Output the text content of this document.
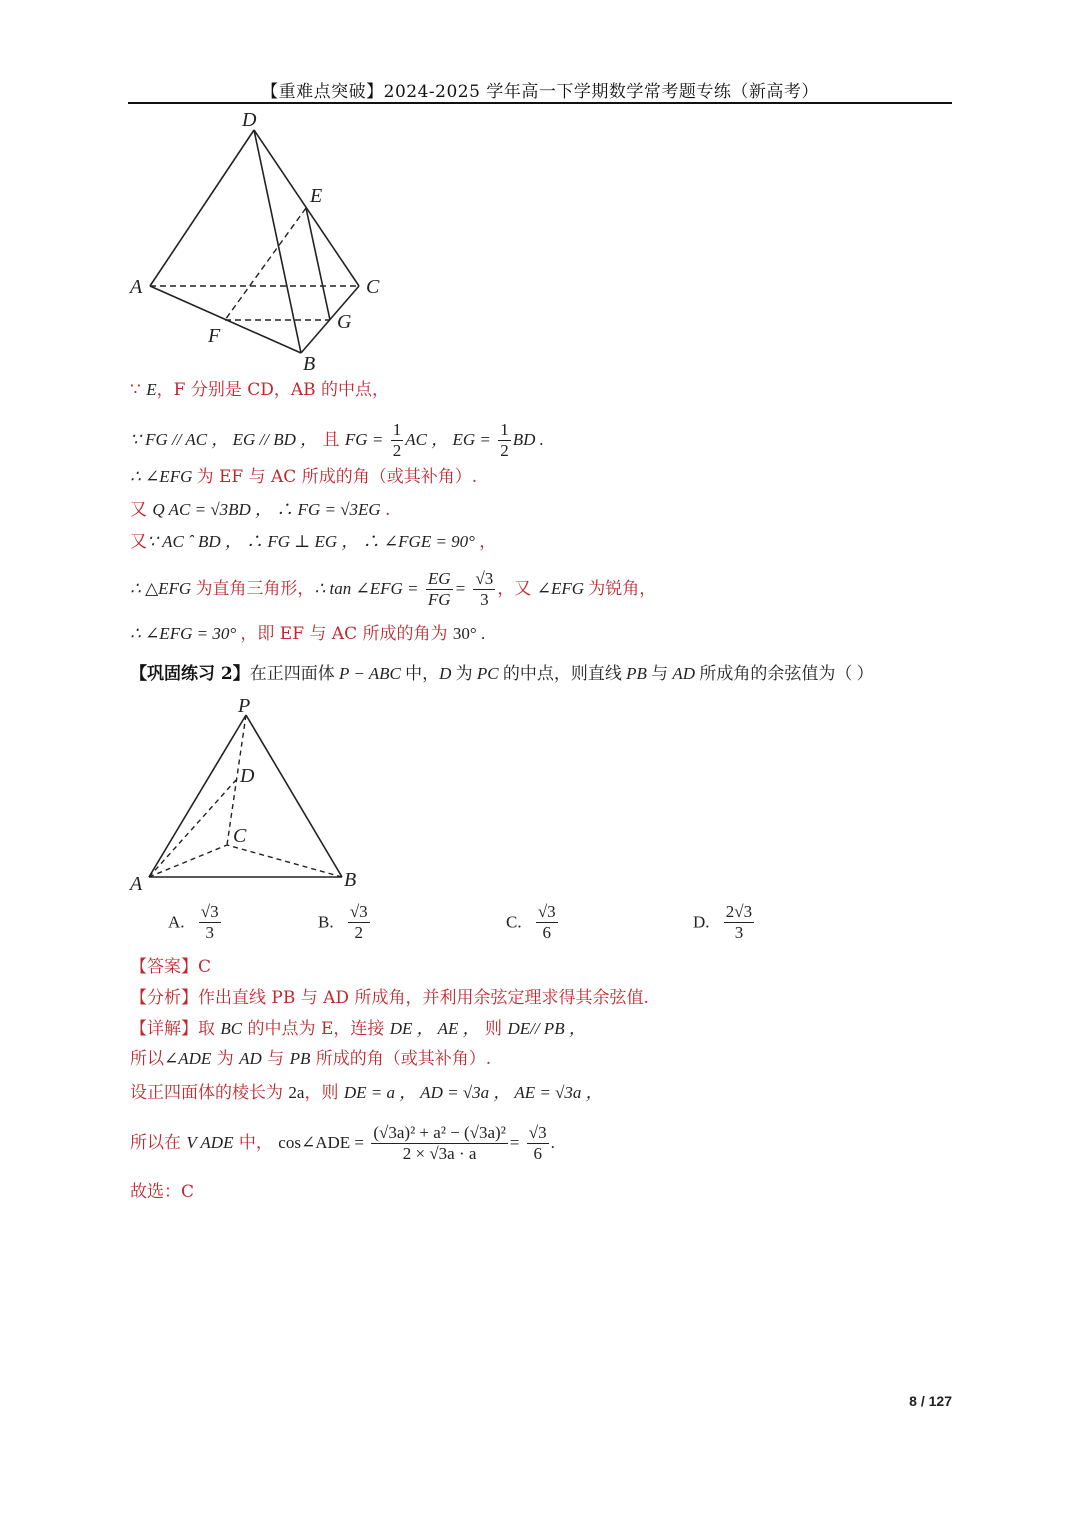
【重难点突破】2024-2025 学年高一下学期数学常考题专练（新高考）
D
E
A	C
F
G
B
∵ E，F 分别是 CD，AB 的中点，
∵ FG // AC ， EG // BD ， 且 FG = $\frac{1}{2}$ AC ， EG = $\frac{1}{2}$ BD .
∴ ∠EFG 为 EF 与 AC 所成的角（或其补角）.
又 Q AC = √3BD ， ∴ FG = √3EG .
又∵ AC ˆ BD ， ∴ FG ⊥ EG ， ∴ ∠FGE = 90° ，
∴ △EFG 为直角三角形，∴ tan ∠EFG = $\frac{EG}{FG} = \frac{√3}{3}$ ，又 ∠EFG 为锐角，
∴ ∠EFG = 30° ，即 EF 与 AC 所成的角为 30° .
【巩固练习 2】在正四面体 P − ABC 中，D 为 PC 的中点，则直线 PB 与 AD 所成角的余弦值为（ ）
P
D
C
A	B
A. $\frac{√3}{3}$	B. $\frac{√3}{2}$	C. $\frac{√3}{6}$	D. $\frac{2√3}{3}$
【答案】C
【分析】作出直线 PB 与 AD 所成角，并利用余弦定理求得其余弦值.
【详解】取 BC 的中点为 E，连接 DE ， AE ， 则 DE// PB ，
所以∠ADE 为 AD 与 PB 所成的角（或其补角）.
设正四面体的棱长为 2a，则 DE = a ， AD = √3a ， AE = √3a ，
所以在 V ADE 中， cos∠ADE = $\frac{\text{(√3a)² + a² − (√3a)²}}{2 \times √3a \cdot a} = \frac{√3}{6}$ .
故选：C
8 / 127
